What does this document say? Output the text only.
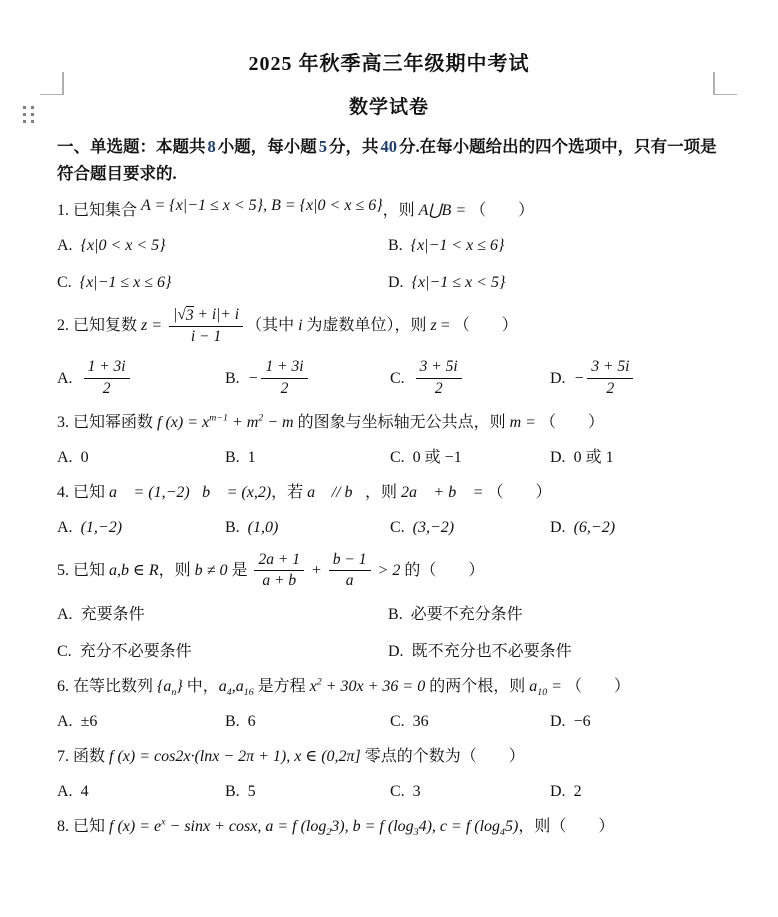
2025 年秋季高三年级期中考试
数学试卷

一、单选题：本题共 8 小题，每小题 5 分，共 40 分.在每小题给出的四个选项中，只有一项是符合题目要求的.

1. 已知集合 A = {x|−1 ≤ x < 5}, B = {x|0 < x ≤ 6}，则 A⋃B = （　　）

A. {x|0 < x < 5}	B. {x|−1 < x ≤ 6}
C. {x|−1 ≤ x ≤ 6}	D. {x|−1 ≤ x < 5}

2. 已知复数 $z = \frac{| √ 3 + i|+ i}{i - 1}$ （其中 i 为虚数单位），则 z = （　　）

A. $\frac{1 + 3i}{2}$	B. − $\frac{1 + 3i}{2}$	C. $\frac{3 + 5i}{2}$	D. − $\frac{3 + 5i}{2}$

3. 已知幂函数 f $(x) = x^{m-1} + m^2 - m$ 的图象与坐标轴无公共点，则 m = （　　）

A. 0	B. 1	C. 0 或 −1	D. 0 或 1

4. 已知 a⃗ = (1,−2)，b⃗ = (x,2)，若 a⃗ // b⃗，则 2a⃗ + b⃗ = （　　）

A. (1,−2)	B. (1,0)	C. (3,−2)	D. (6,−2)

5. 已知 a,b ∈ R，则 b ≠ 0 是 $\frac{2a + 1}{a + b} + \frac{b - 1}{a} > 2$ 的（　　）

A. 充要条件	B. 必要不充分条件
C. 充分不必要条件	D. 既不充分也不必要条件

6. 在等比数列 $\{a_n\}$ 中，$a_4,a_{16}$ 是方程 $x^2 + 30x + 36 = 0$ 的两个根，则 $a_{10}$ = （　　）

A. ±6	B. 6	C. 36	D. −6

7. 函数 f (x) = cos2x·(lnx − 2π + 1), x ∈ (0,2π] 零点的个数为（　　）

A. 4	B. 5	C. 3	D. 2

8. 已知 f $(x) = e^x - \sin x + \cos x$, a = f $(\log_23)$, b = f $(\log_34)$, c = f $(\log_45)$，则（　　）
